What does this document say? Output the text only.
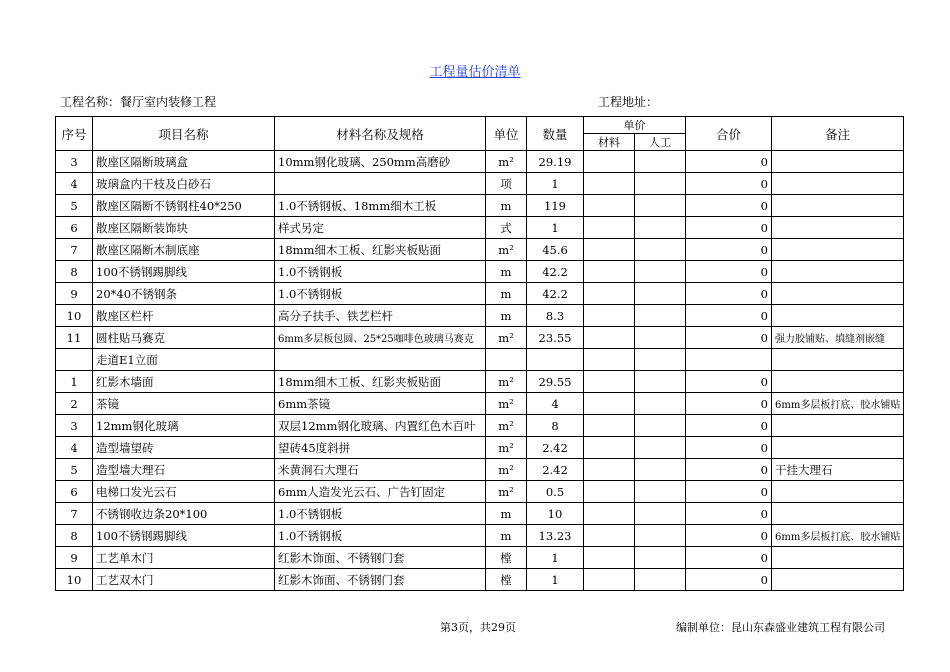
工程量估价清单
工程名称：餐厅室内装修工程	工程地址：
序号	项目名称	材料名称及规格	单位	数量	单价		合价	备注
					材料	人工		
3	散座区隔断玻璃盒	10mm钢化玻璃、250mm高磨砂	m²	29.19			0	
4	玻璃盒内干枝及白砂石		项	1			0	
5	散座区隔断不锈钢柱40*250	1.0不锈钢板、18mm细木工板	m	119			0	
6	散座区隔断装饰块	样式另定	式	1			0	
7	散座区隔断木制底座	18mm细木工板、红影夹板贴面	m²	45.6			0	
8	100不锈钢踢脚线	1.0不锈钢板	m	42.2			0	
9	20*40不锈钢条	1.0不锈钢板	m	42.2			0	
10	散座区栏杆	高分子扶手、铁艺栏杆	m	8.3			0	
11	圆柱贴马赛克	6mm多层板包圆、25*25咖啡色玻璃马赛克	m²	23.55			0	强力胶铺贴、填缝剂嵌缝
	走道E1立面							
1	红影木墙面	18mm细木工板、红影夹板贴面	m²	29.55			0	
2	茶镜	6mm茶镜	m²	4			0	6mm多层板打底、胶水铺贴
3	12mm钢化玻璃	双层12mm钢化玻璃、内置红色木百叶	m²	8			0	
4	造型墙望砖	望砖45度斜拼	m²	2.42			0	
5	造型墙大理石	米黄洞石大理石	m²	2.42			0	干挂大理石
6	电梯口发光云石	6mm人造发光云石、广告钉固定	m²	0.5			0	
7	不锈钢收边条20*100	1.0不锈钢板	m	10			0	
8	100不锈钢踢脚线	1.0不锈钢板	m	13.23			0	6mm多层板打底、胶水铺贴
9	工艺单木门	红影木饰面、不锈钢门套	樘	1			0	
10	工艺双木门	红影木饰面、不锈钢门套	樘	1			0	
第3页，共29页	编制单位：昆山东森盛业建筑工程有限公司
